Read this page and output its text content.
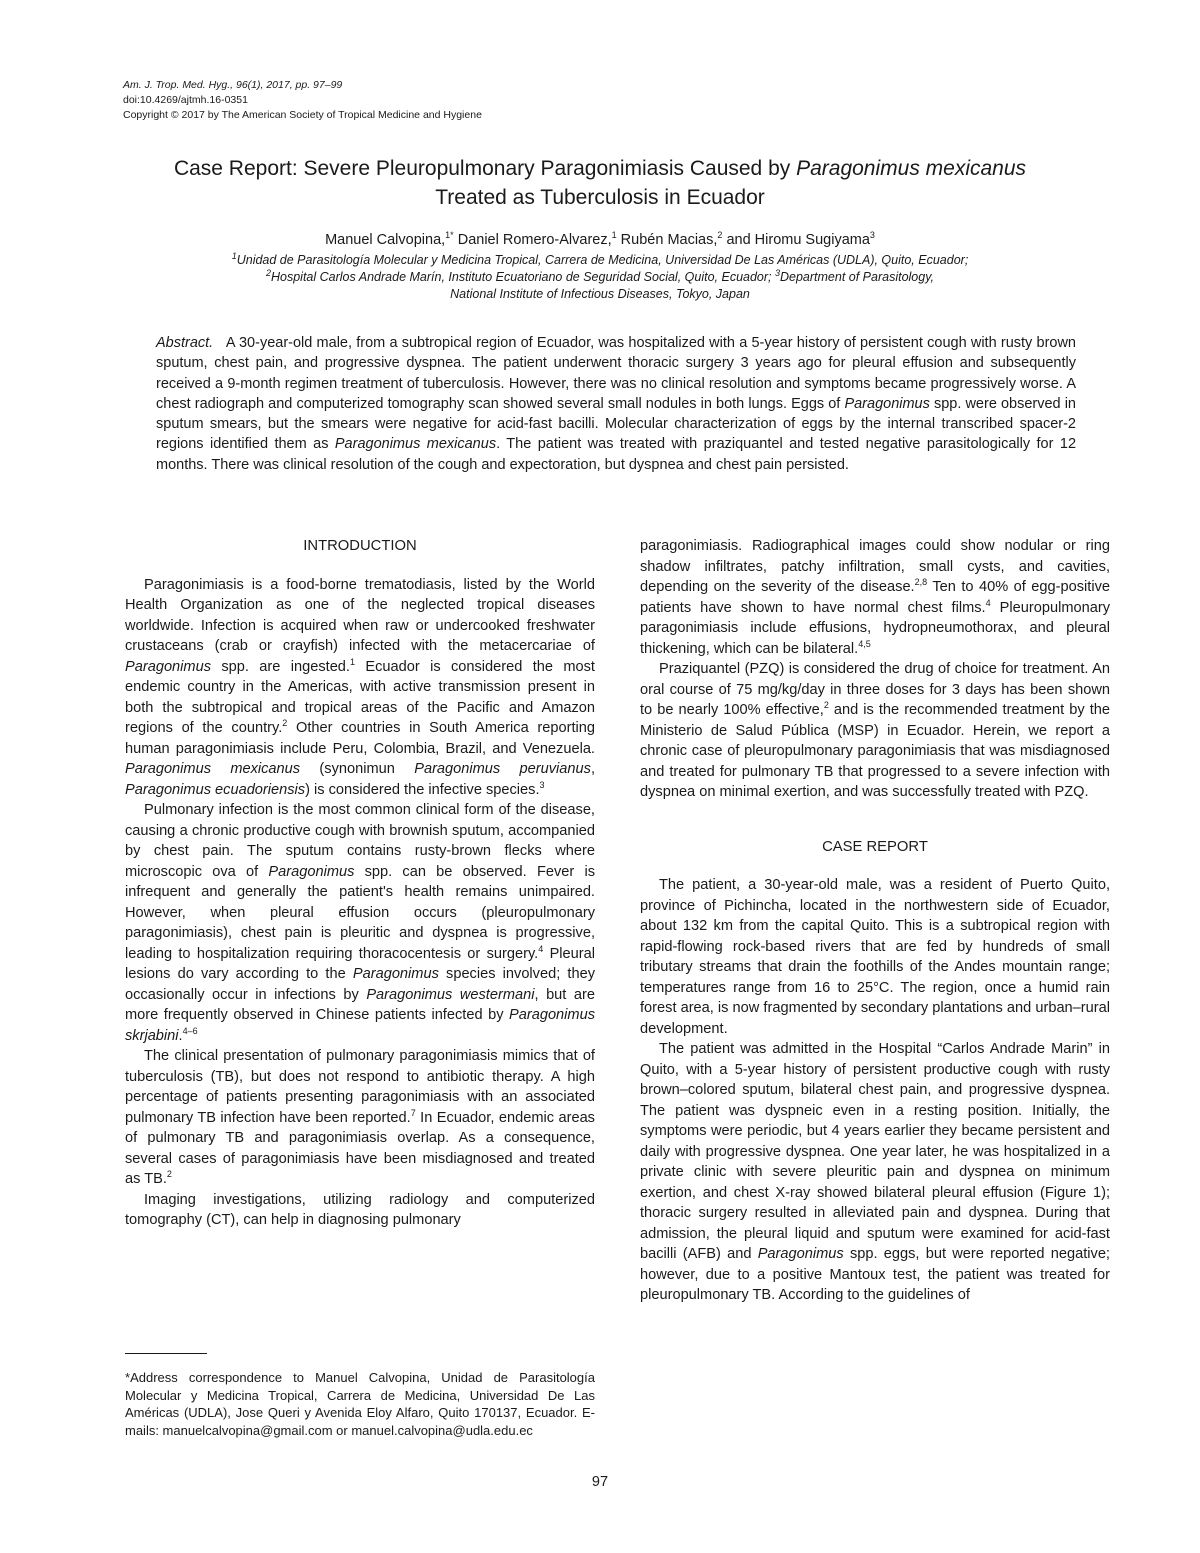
Am. J. Trop. Med. Hyg., 96(1), 2017, pp. 97–99
doi:10.4269/ajtmh.16-0351
Copyright © 2017 by The American Society of Tropical Medicine and Hygiene
Case Report: Severe Pleuropulmonary Paragonimiasis Caused by Paragonimus mexicanus
Treated as Tuberculosis in Ecuador
Manuel Calvopina,$^{1*}$ Daniel Romero-Alvarez,$^1$ Rubén Macias,$^2$ and Hiromu Sugiyama$^3$
$^1$Unidad de Parasitología Molecular y Medicina Tropical, Carrera de Medicina, Universidad De Las Américas (UDLA), Quito, Ecuador;
$^2$Hospital Carlos Andrade Marín, Instituto Ecuatoriano de Seguridad Social, Quito, Ecuador; $^3$Department of Parasitology,
National Institute of Infectious Diseases, Tokyo, Japan
Abstract. A 30-year-old male, from a subtropical region of Ecuador, was hospitalized with a 5-year history of persistent cough with rusty brown sputum, chest pain, and progressive dyspnea. The patient underwent thoracic surgery 3 years ago for pleural effusion and subsequently received a 9-month regimen treatment of tuberculosis. However, there was no clinical resolution and symptoms became progressively worse. A chest radiograph and computerized tomography scan showed several small nodules in both lungs. Eggs of Paragonimus spp. were observed in sputum smears, but the smears were negative for acid-fast bacilli. Molecular characterization of eggs by the internal transcribed spacer-2 regions identified them as Paragonimus mexicanus. The patient was treated with praziquantel and tested negative parasitologically for 12 months. There was clinical resolution of the cough and expectoration, but dyspnea and chest pain persisted.
INTRODUCTION

Paragonimiasis is a food-borne trematodiasis, listed by the World Health Organization as one of the neglected tropical diseases worldwide. Infection is acquired when raw or undercooked freshwater crustaceans (crab or crayfish) infected with the metacercariae of Paragonimus spp. are ingested.$^1$ Ecuador is considered the most endemic country in the Americas, with active transmission present in both the subtropical and tropical areas of the Pacific and Amazon regions of the country.$^2$ Other countries in South America reporting human paragonimiasis include Peru, Colombia, Brazil, and Venezuela. Paragonimus mexicanus (synonimun Paragonimus peruvianus, Paragonimus ecuadoriensis) is considered the infective species.$^3$

Pulmonary infection is the most common clinical form of the disease, causing a chronic productive cough with brownish sputum, accompanied by chest pain. The sputum contains rusty-brown flecks where microscopic ova of Paragonimus spp. can be observed. Fever is infrequent and generally the patient's health remains unimpaired. However, when pleural effusion occurs (pleuropulmonary paragonimiasis), chest pain is pleuritic and dyspnea is progressive, leading to hospitalization requiring thoracocentesis or surgery.$^4$ Pleural lesions do vary according to the Paragonimus species involved; they occasionally occur in infections by Paragonimus westermani, but are more frequently observed in Chinese patients infected by Paragonimus skrjabini.$^{4-6}$

The clinical presentation of pulmonary paragonimiasis mimics that of tuberculosis (TB), but does not respond to antibiotic therapy. A high percentage of patients presenting paragonimiasis with an associated pulmonary TB infection have been reported.$^7$ In Ecuador, endemic areas of pulmonary TB and paragonimiasis overlap. As a consequence, several cases of paragonimiasis have been misdiagnosed and treated as TB.$^2$

Imaging investigations, utilizing radiology and computerized tomography (CT), can help in diagnosing pulmonary

*Address correspondence to Manuel Calvopina, Unidad de Parasitología Molecular y Medicina Tropical, Carrera de Medicina, Universidad De Las Américas (UDLA), Jose Queri y Avenida Eloy Alfaro, Quito 170137, Ecuador. E-mails: manuelcalvopina@gmail.com or manuel.calvopina@udla.edu.ec

paragonimiasis. Radiographical images could show nodular or ring shadow infiltrates, patchy infiltration, small cysts, and cavities, depending on the severity of the disease.$^{2,8}$ Ten to 40% of egg-positive patients have shown to have normal chest films.$^4$ Pleuropulmonary paragonimiasis include effusions, hydropneumothorax, and pleural thickening, which can be bilateral.$^{4,5}$

Praziquantel (PZQ) is considered the drug of choice for treatment. An oral course of 75 mg/kg/day in three doses for 3 days has been shown to be nearly 100% effective,$^2$ and is the recommended treatment by the Ministerio de Salud Pública (MSP) in Ecuador. Herein, we report a chronic case of pleuropulmonary paragonimiasis that was misdiagnosed and treated for pulmonary TB that progressed to a severe infection with dyspnea on minimal exertion, and was successfully treated with PZQ.

CASE REPORT

The patient, a 30-year-old male, was a resident of Puerto Quito, province of Pichincha, located in the northwestern side of Ecuador, about 132 km from the capital Quito. This is a subtropical region with rapid-flowing rock-based rivers that are fed by hundreds of small tributary streams that drain the foothills of the Andes mountain range; temperatures range from 16 to 25°C. The region, once a humid rain forest area, is now fragmented by secondary plantations and urban–rural development.

The patient was admitted in the Hospital “Carlos Andrade Marin” in Quito, with a 5-year history of persistent productive cough with rusty brown–colored sputum, bilateral chest pain, and progressive dyspnea. The patient was dyspneic even in a resting position. Initially, the symptoms were periodic, but 4 years earlier they became persistent and daily with progressive dyspnea. One year later, he was hospitalized in a private clinic with severe pleuritic pain and dyspnea on minimum exertion, and chest X-ray showed bilateral pleural effusion (Figure 1); thoracic surgery resulted in alleviated pain and dyspnea. During that admission, the pleural liquid and sputum were examined for acid-fast bacilli (AFB) and Paragonimus spp. eggs, but were reported negative; however, due to a positive Mantoux test, the patient was treated for pleuropulmonary TB. According to the guidelines of

97
